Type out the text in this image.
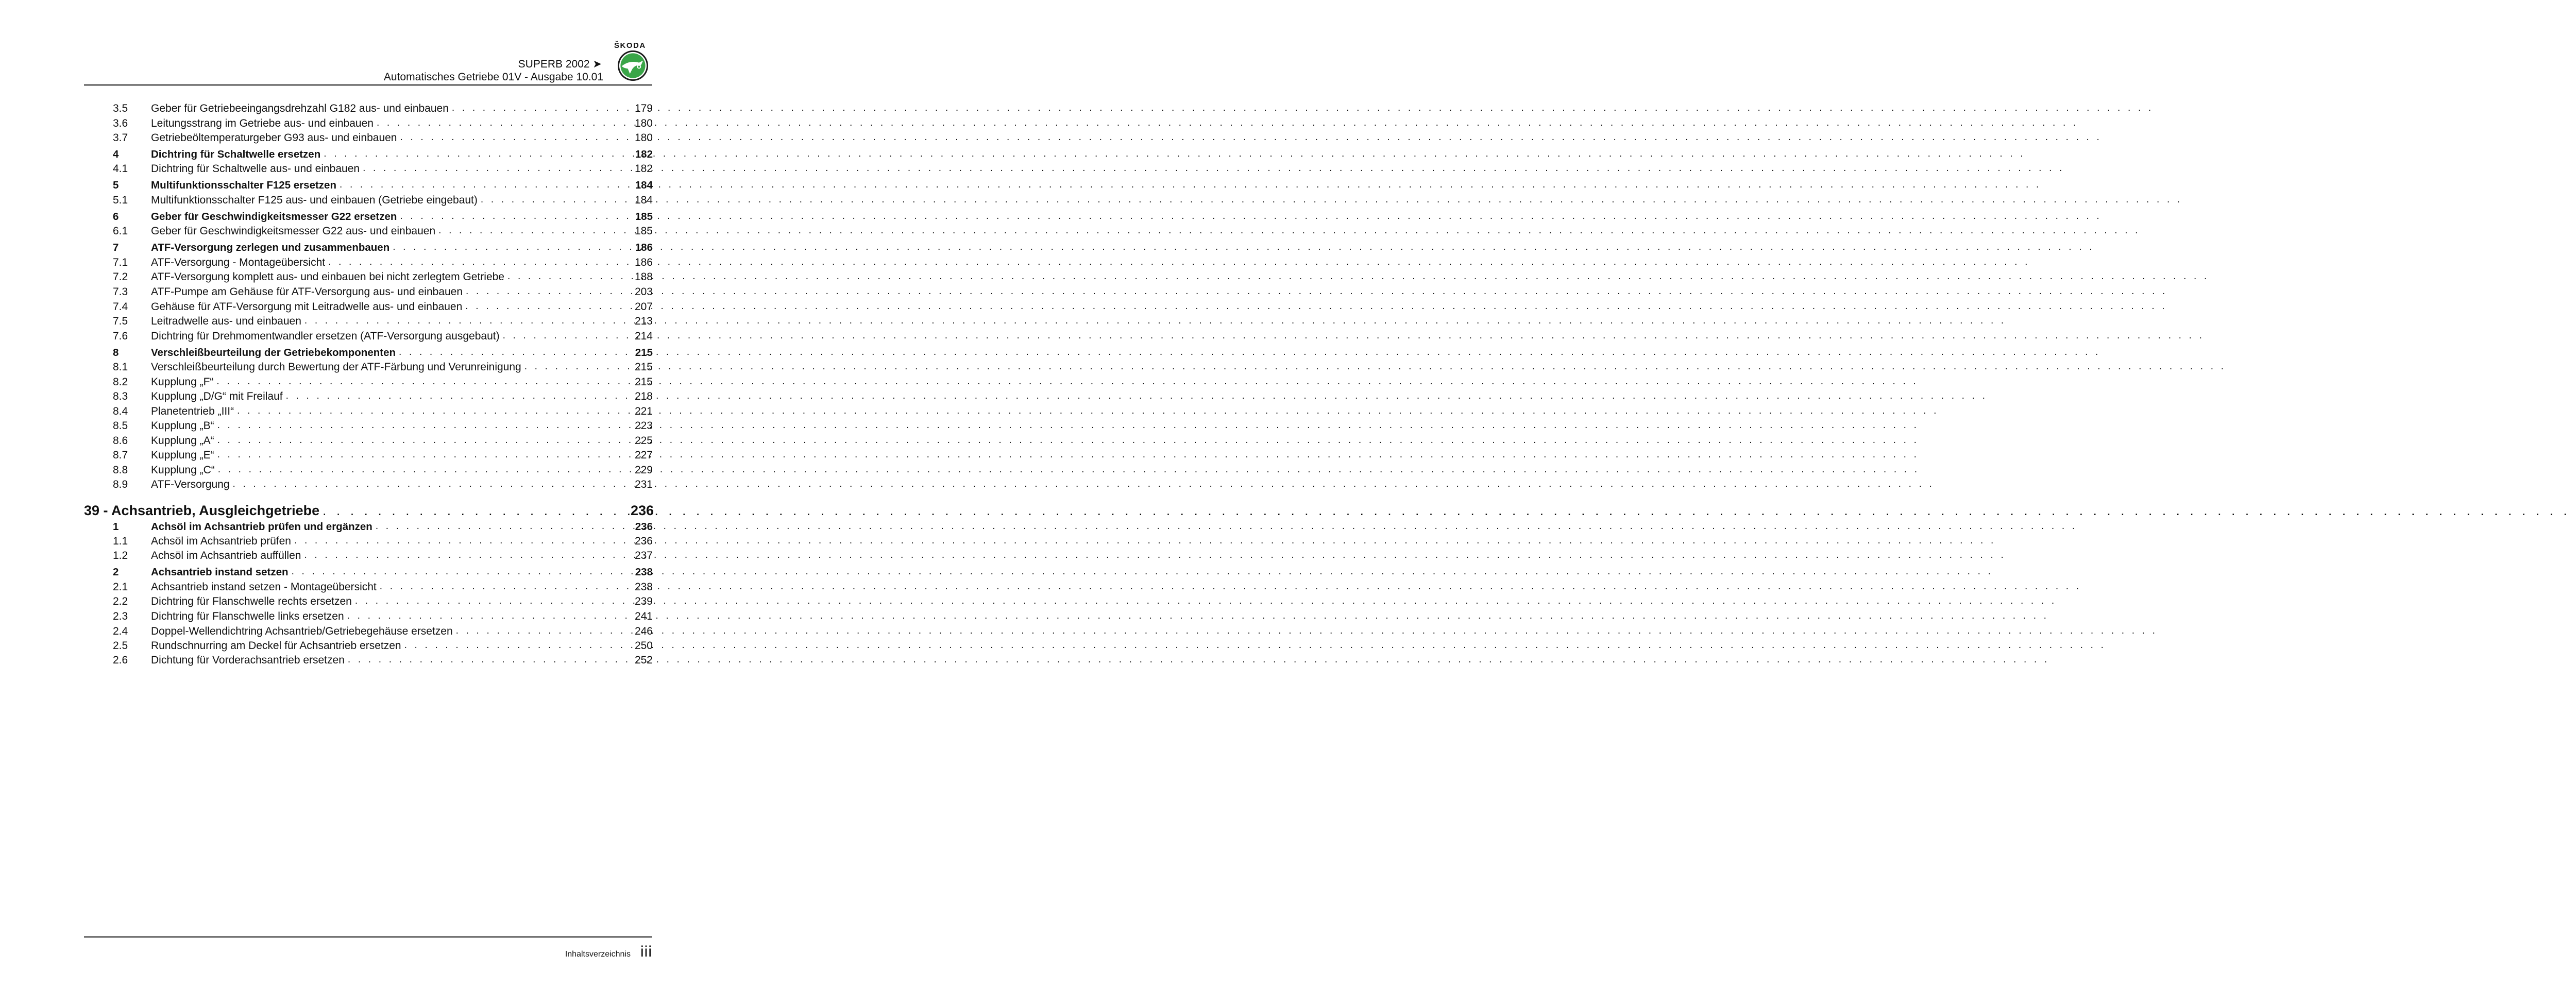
ŠKODA
SUPERB 2002 ➤
Automatisches Getriebe 01V - Ausgabe 10.01
3.5 Geber für Getriebeeingangsdrehzahl G182 aus- und einbauen . . .	179
3.6 Leitungsstrang im Getriebe aus- und einbauen . . .	180
3.7 Getriebeöltemperaturgeber G93 aus- und einbauen . . .	180
4	Dichtring für Schaltwelle ersetzen . . .	182
4.1 Dichtring für Schaltwelle aus- und einbauen . . .	182
5	Multifunktionsschalter F125 ersetzen . . .	184
5.1 Multifunktionsschalter F125 aus- und einbauen (Getriebe eingebaut) . . .	184
6	Geber für Geschwindigkeitsmesser G22 ersetzen . . .	185
6.1 Geber für Geschwindigkeitsmesser G22 aus- und einbauen . . .	185
7	ATF-Versorgung zerlegen und zusammenbauen . . .	186
7.1 ATF-Versorgung - Montageübersicht . . .	186
7.2 ATF-Versorgung komplett aus- und einbauen bei nicht zerlegtem Getriebe . . .	188
7.3 ATF-Pumpe am Gehäuse für ATF-Versorgung aus- und einbauen . . .	203
7.4 Gehäuse für ATF-Versorgung mit Leitradwelle aus- und einbauen . . .	207
7.5 Leitradwelle aus- und einbauen . . .	213
7.6 Dichtring für Drehmomentwandler ersetzen (ATF-Versorgung ausgebaut) . . .	214
8	Verschleißbeurteilung der Getriebekomponenten . . .	215
8.1 Verschleißbeurteilung durch Bewertung der ATF-Färbung und Verunreinigung . . .	215
8.2 Kupplung „F“ . . .	215
8.3 Kupplung „D/G“ mit Freilauf . . .	218
8.4 Planetentrieb „III“ . . .	221
8.5 Kupplung „B“ . . .	223
8.6 Kupplung „A“ . . .	225
8.7 Kupplung „E“ . . .	227
8.8 Kupplung „C“ . . .	229
8.9 ATF-Versorgung . . .	231
39 - Achsantrieb, Ausgleichgetriebe . . .	236
1	Achsöl im Achsantrieb prüfen und ergänzen . . .	236
1.1 Achsöl im Achsantrieb prüfen . . .	236
1.2 Achsöl im Achsantrieb auffüllen . . .	237
2	Achsantrieb instand setzen . . .	238
2.1 Achsantrieb instand setzen - Montageübersicht . . .	238
2.2 Dichtring für Flanschwelle rechts ersetzen . . .	239
2.3 Dichtring für Flanschwelle links ersetzen . . .	241
2.4 Doppel-Wellendichtring Achsantrieb/Getriebegehäuse ersetzen . . .	246
2.5 Rundschnurring am Deckel für Achsantrieb ersetzen . . .	250
2.6 Dichtung für Vorderachsantrieb ersetzen . . .	252
Inhaltsverzeichnis iii
